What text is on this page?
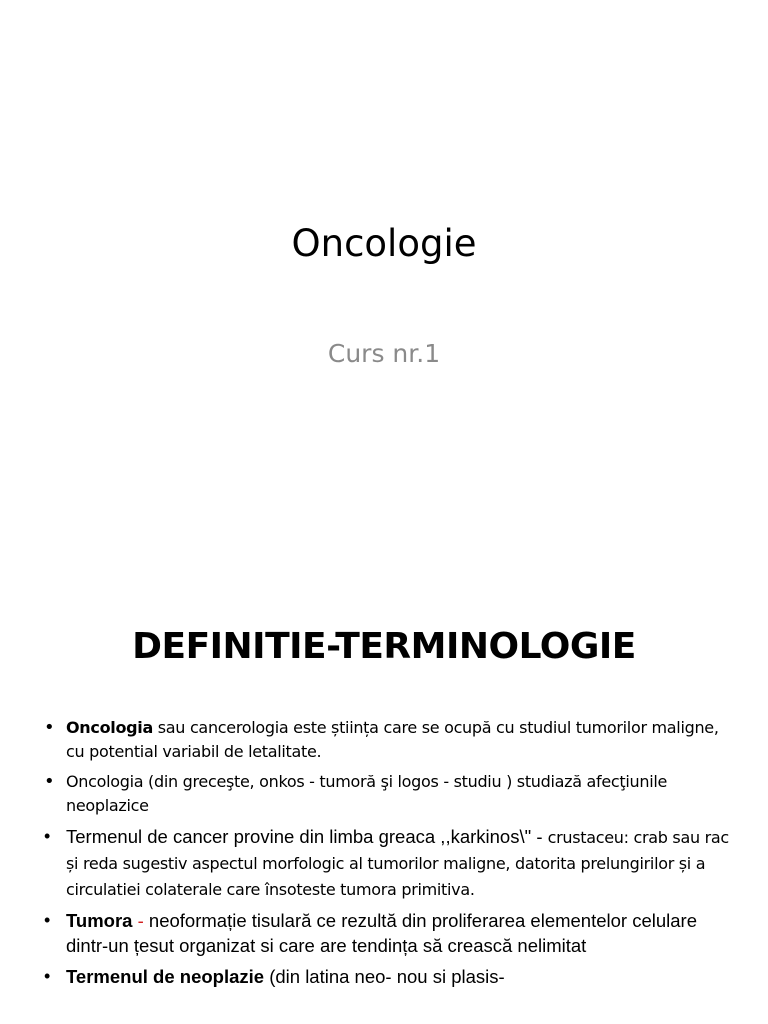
Oncologie

Curs nr.1

DEFINITIE-TERMINOLOGIE
• Oncologia sau cancerologia este știința care se ocupă cu studiul tumorilor maligne, cu potential variabil de letalitate.
• Oncologia (din greceşte, onkos - tumoră şi logos - studiu ) studiază afecţiunile neoplazice
• Termenul de cancer provine din limba greaca ,,karkinos\" - crustaceu: crab sau rac și reda sugestiv aspectul morfologic al tumorilor maligne, datorita prelungirilor și a circulatiei colaterale care însoteste tumora primitiva.
• Tumora - neoformație tisulară ce rezultă din proliferarea elementelor celulare dintr-un țesut organizat si care are tendința să crească nelimitat
• Termenul de neoplazie (din latina neo- nou si plasis-
